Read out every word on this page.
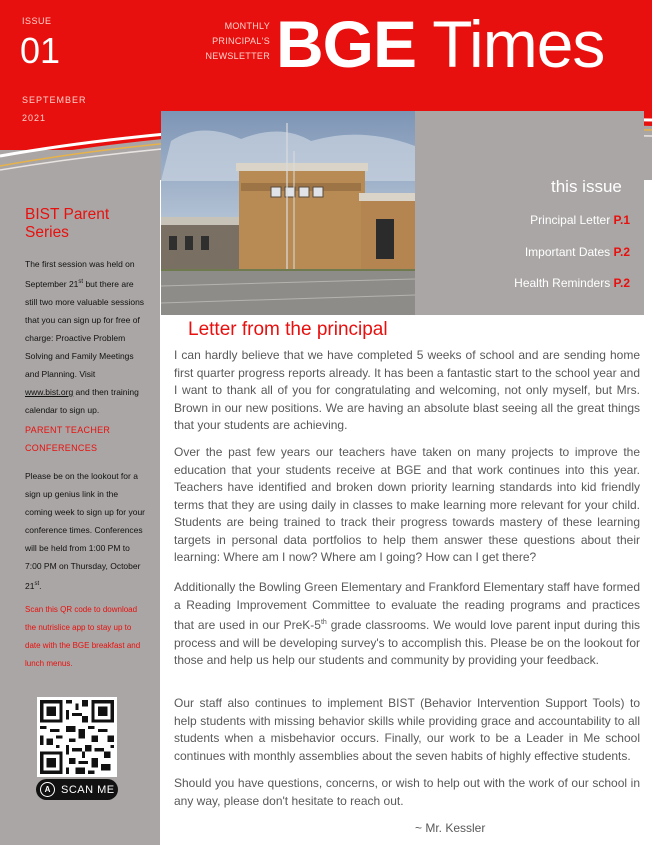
ISSUE
01
SEPTEMBER
2021
MONTHLY
PRINCIPAL'S
NEWSLETTER BGE Times
this issue
Principal Letter P.1
Important Dates P.2
Health Reminders P.2
BIST Parent Series
The first session was held on September 21st but there are still two more valuable sessions that you can sign up for free of charge: Proactive Problem Solving and Family Meetings and Planning. Visit www.bist.org and then training calendar to sign up.
PARENT TEACHER CONFERENCES
Please be on the lookout for a sign up genius link in the coming week to sign up for your conference times. Conferences will be held from 1:00 PM to 7:00 PM on Thursday, October 21st.
Scan this QR code to download the nutrislice app to stay up to date with the BGE breakfast and lunch menus.
A SCAN ME
Letter from the principal

I can hardly believe that we have completed 5 weeks of school and are sending home first quarter progress reports already. It has been a fantastic start to the school year and I want to thank all of you for congratulating and welcoming, not only myself, but Mrs. Brown in our new positions. We are having an absolute blast seeing all the great things that your students are achieving.

Over the past few years our teachers have taken on many projects to improve the education that your students receive at BGE and that work continues into this year. Teachers have identified and broken down priority learning standards into kid friendly terms that they are using daily in classes to make learning more relevant for your child. Students are being trained to track their progress towards mastery of these learning targets in personal data portfolios to help them answer these questions about their learning: Where am I now? Where am I going? How can I get there?

Additionally the Bowling Green Elementary and Frankford Elementary staff have formed a Reading Improvement Committee to evaluate the reading programs and practices that are used in our PreK-5th grade classrooms. We would love parent input during this process and will be developing survey's to accomplish this. Please be on the lookout for those and help us help our students and community by providing your feedback.

Our staff also continues to implement BIST (Behavior Intervention Support Tools) to help students with missing behavior skills while providing grace and accountability to all students when a misbehavior occurs. Finally, our work to be a Leader in Me school continues with monthly assemblies about the seven habits of highly effective students.

Should you have questions, concerns, or wish to help out with the work of our school in any way, please don't hesitate to reach out.

~ Mr. Kessler
